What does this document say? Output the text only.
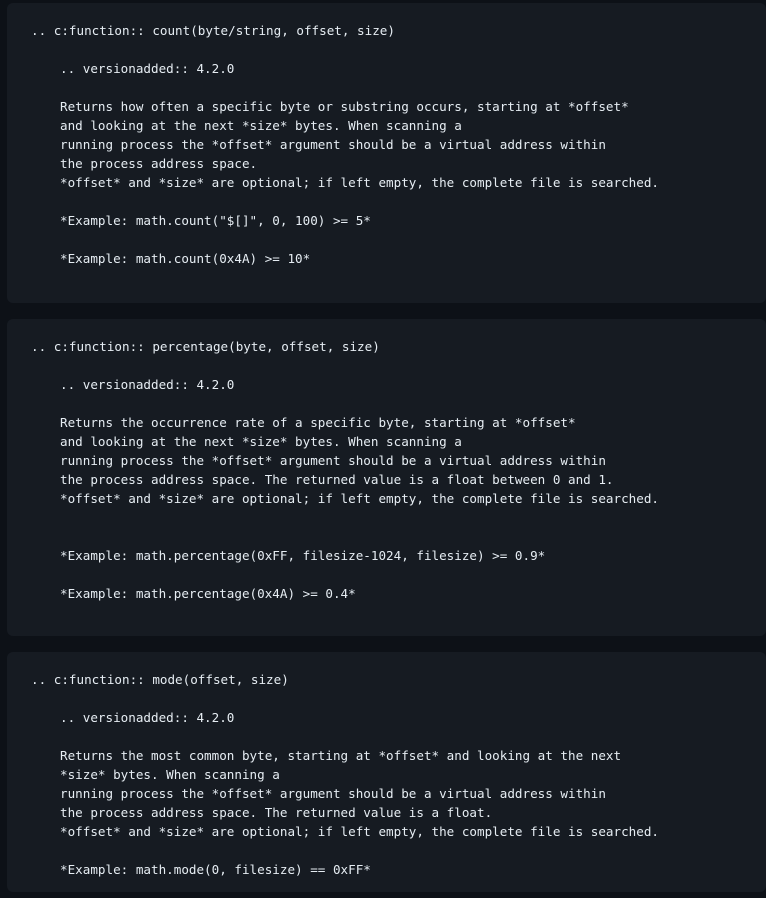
.. c:function:: count(byte/string, offset, size)
.. versionadded:: 4.2.0
Returns how often a specific byte or substring occurs, starting at *offset*
and looking at the next *size* bytes. When scanning a
running process the *offset* argument should be a virtual address within
the process address space.
*offset* and *size* are optional; if left empty, the complete file is searched.
*Example: math.count("$[]", 0, 100) >= 5*
*Example: math.count(0x4A) >= 10*
.. c:function:: percentage(byte, offset, size)
.. versionadded:: 4.2.0
Returns the occurrence rate of a specific byte, starting at *offset*
and looking at the next *size* bytes. When scanning a
running process the *offset* argument should be a virtual address within
the process address space. The returned value is a float between 0 and 1.
*offset* and *size* are optional; if left empty, the complete file is searched.
*Example: math.percentage(0xFF, filesize-1024, filesize) >= 0.9*
*Example: math.percentage(0x4A) >= 0.4*
.. c:function:: mode(offset, size)
.. versionadded:: 4.2.0
Returns the most common byte, starting at *offset* and looking at the next
*size* bytes. When scanning a
running process the *offset* argument should be a virtual address within
the process address space. The returned value is a float.
*offset* and *size* are optional; if left empty, the complete file is searched.
*Example: math.mode(0, filesize) == 0xFF*
